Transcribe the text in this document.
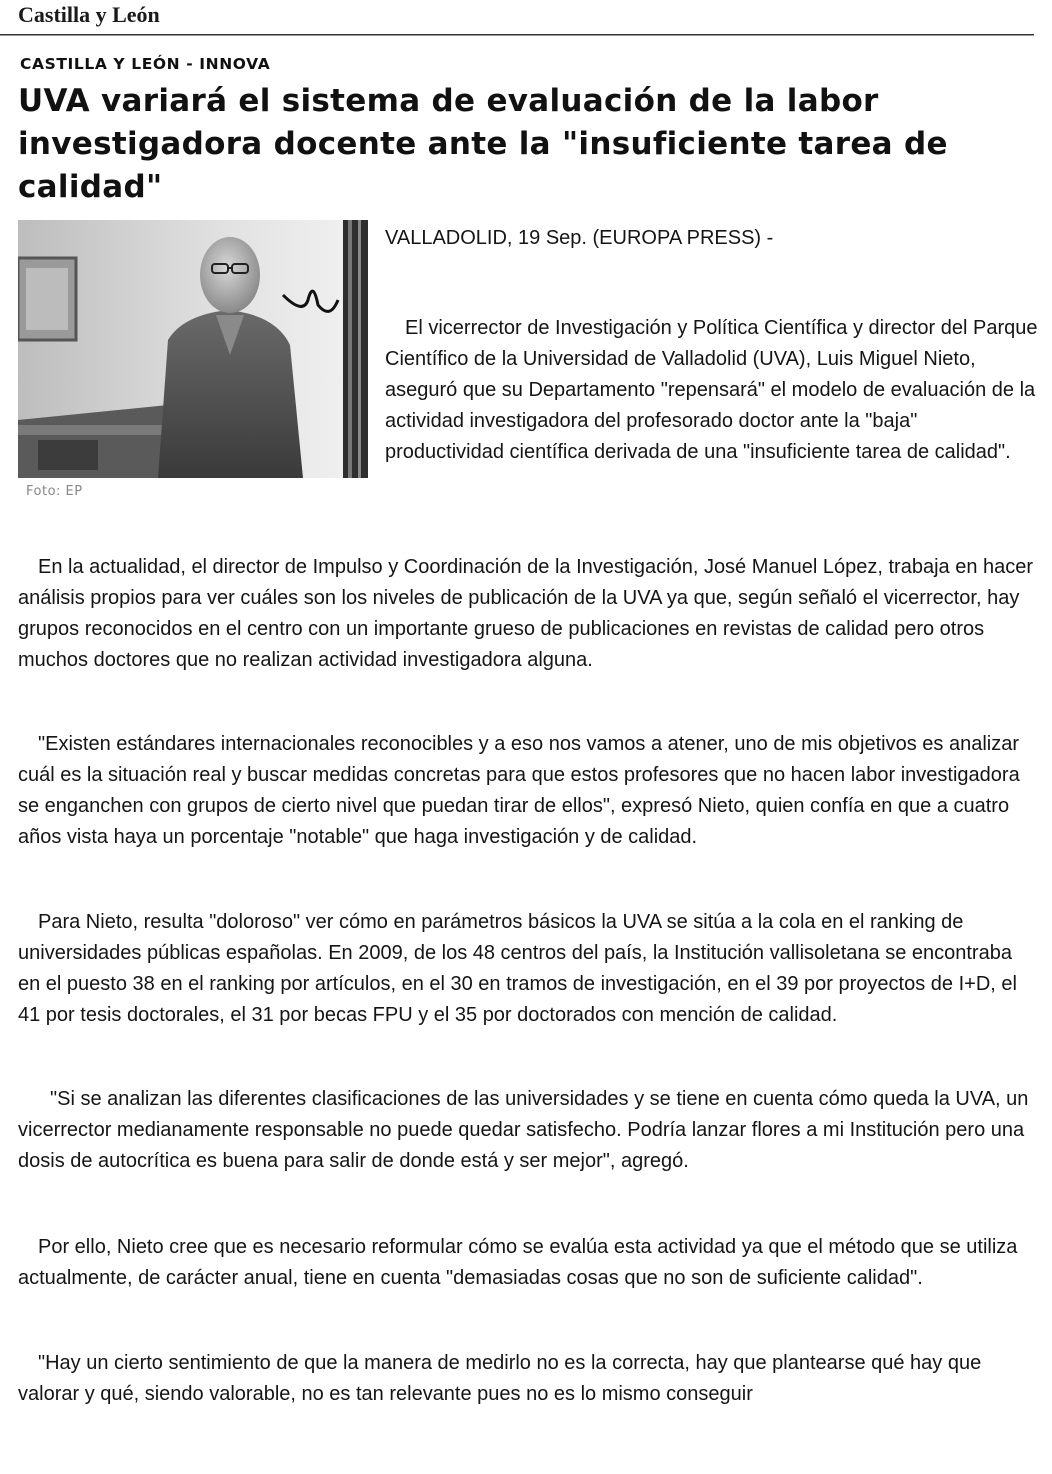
Castilla y León
CASTILLA Y LEÓN - INNOVA
UVA variará el sistema de evaluación de la labor investigadora docente ante la "insuficiente tarea de calidad"
Foto: EP

VALLADOLID, 19 Sep. (EUROPA PRESS) -

El vicerrector de Investigación y Política Científica y director del Parque Científico de la Universidad de Valladolid (UVA), Luis Miguel Nieto, aseguró que su Departamento "repensará" el modelo de evaluación de la actividad investigadora del profesorado doctor ante la "baja" productividad científica derivada de una "insuficiente tarea de calidad".

En la actualidad, el director de Impulso y Coordinación de la Investigación, José Manuel López, trabaja en hacer análisis propios para ver cuáles son los niveles de publicación de la UVA ya que, según señaló el vicerrector, hay grupos reconocidos en el centro con un importante grueso de publicaciones en revistas de calidad pero otros muchos doctores que no realizan actividad investigadora alguna.

"Existen estándares internacionales reconocibles y a eso nos vamos a atener, uno de mis objetivos es analizar cuál es la situación real y buscar medidas concretas para que estos profesores que no hacen labor investigadora se enganchen con grupos de cierto nivel que puedan tirar de ellos", expresó Nieto, quien confía en que a cuatro años vista haya un porcentaje "notable" que haga investigación y de calidad.

Para Nieto, resulta "doloroso" ver cómo en parámetros básicos la UVA se sitúa a la cola en el ranking de universidades públicas españolas. En 2009, de los 48 centros del país, la Institución vallisoletana se encontraba en el puesto 38 en el ranking por artículos, en el 30 en tramos de investigación, en el 39 por proyectos de I+D, el 41 por tesis doctorales, el 31 por becas FPU y el 35 por doctorados con mención de calidad.

"Si se analizan las diferentes clasificaciones de las universidades y se tiene en cuenta cómo queda la UVA, un vicerrector medianamente responsable no puede quedar satisfecho. Podría lanzar flores a mi Institución pero una dosis de autocrítica es buena para salir de donde está y ser mejor", agregó.

Por ello, Nieto cree que es necesario reformular cómo se evalúa esta actividad ya que el método que se utiliza actualmente, de carácter anual, tiene en cuenta "demasiadas cosas que no son de suficiente calidad".

"Hay un cierto sentimiento de que la manera de medirlo no es la correcta, hay que plantearse qué hay que valorar y qué, siendo valorable, no es tan relevante pues no es lo mismo conseguir
